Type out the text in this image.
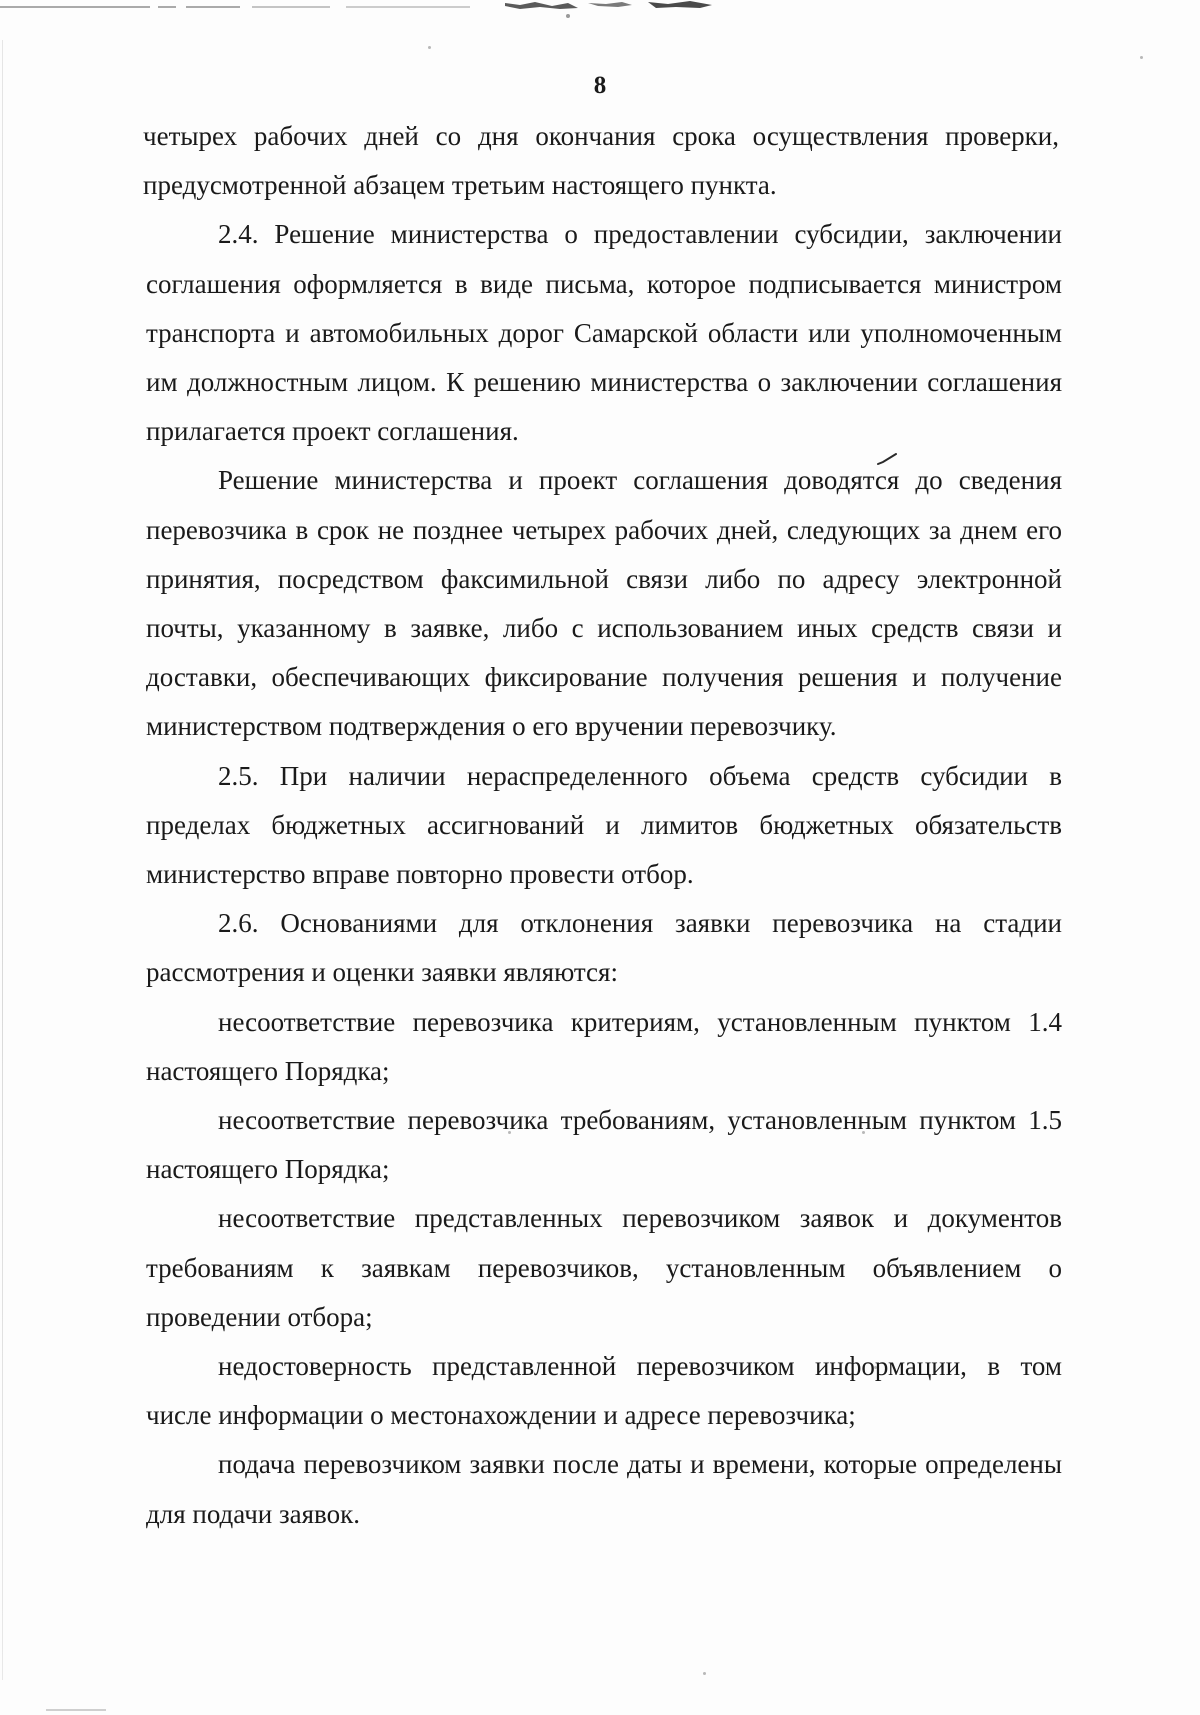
8

четырех рабочих дней со дня окончания срока осуществления проверки, предусмотренной абзацем третьим настоящего пункта.

2.4. Решение министерства о предоставлении субсидии, заключении соглашения оформляется в виде письма, которое подписывается министром транспорта и автомобильных дорог Самарской области или уполномоченным им должностным лицом. К решению министерства о заключении соглашения прилагается проект соглашения.

Решение министерства и проект соглашения доводятся до сведения перевозчика в срок не позднее четырех рабочих дней, следующих за днем его принятия, посредством факсимильной связи либо по адресу электронной почты, указанному в заявке, либо с использованием иных средств связи и доставки, обеспечивающих фиксирование получения решения и получение министерством подтверждения о его вручении перевозчику.

2.5. При наличии нераспределенного объема средств субсидии в пределах бюджетных ассигнований и лимитов бюджетных обязательств министерство вправе повторно провести отбор.

2.6. Основаниями для отклонения заявки перевозчика на стадии рассмотрения и оценки заявки являются:

несоответствие перевозчика критериям, установленным пунктом 1.4 настоящего Порядка;

несоответствие перевозчика требованиям, установленным пунктом 1.5 настоящего Порядка;

несоответствие представленных перевозчиком заявок и документов требованиям к заявкам перевозчиков, установленным объявлением о проведении отбора;

недостоверность представленной перевозчиком информации, в том числе информации о местонахождении и адресе перевозчика;

подача перевозчиком заявки после даты и времени, которые определены для подачи заявок.
